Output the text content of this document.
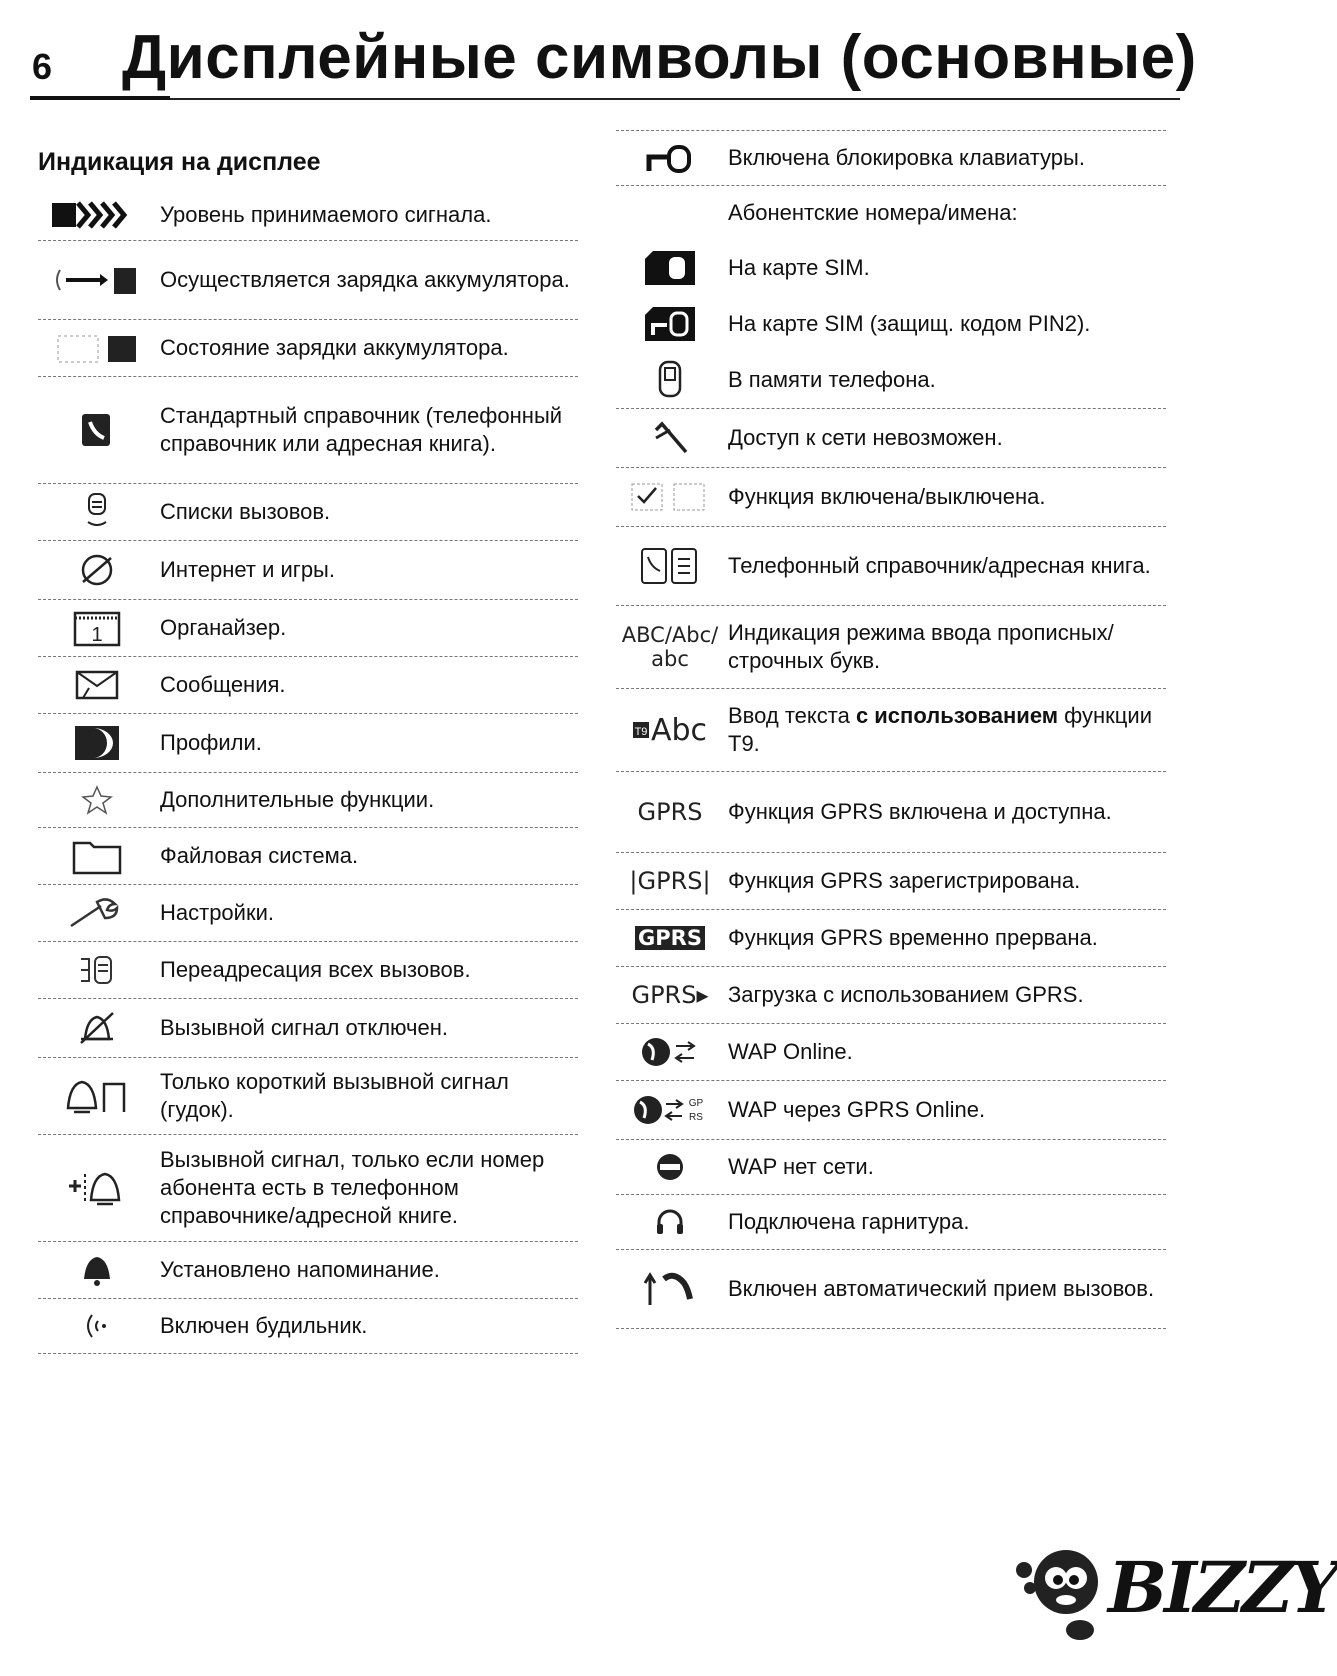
6 Дисплейные символы (основные)
Индикация на дисплее
Уровень принимаемого сигнала.
Осуществляется зарядка аккумулятора.
Состояние зарядки аккумулятора.
Стандартный справочник (телефонный справочник или адресная книга).
Списки вызовов.
Интернет и игры.
1	Органайзер.
Сообщения.
Профили.
Дополнительные функции.
Файловая система.
Настройки.
Переадресация всех вызовов.
Вызывной сигнал отключен.
Только короткий вызывной сигнал (гудок).
Вызывной сигнал, только если номер абонента есть в телефонном справочнике/адресной книге.
Установлено напоминание.
Включен будильник.
Включена блокировка клавиатуры.
Абонентские номера/имена:
На карте SIM.
На карте SIM (защищ. кодом PIN2).
В памяти телефона.
Доступ к сети невозможен.
Функция включена/выключена.
Телефонный справочник/адресная книга.
ABC/Abc/ abc
Индикация режима ввода прописных/строчных букв.
T9 Abc Ввод текста с использованием функции T9.
GPRS Функция GPRS включена и доступна.
|GPRS| Функция GPRS зарегистрирована.
GPRS Функция GPRS временно прервана.
GPRS▸ Загрузка с использованием GPRS.
WAP Online.
GP
RS WAP через GPRS Online.
WAP нет сети.
Подключена гарнитура.
Включен автоматический прием вызовов.
BIZZY
